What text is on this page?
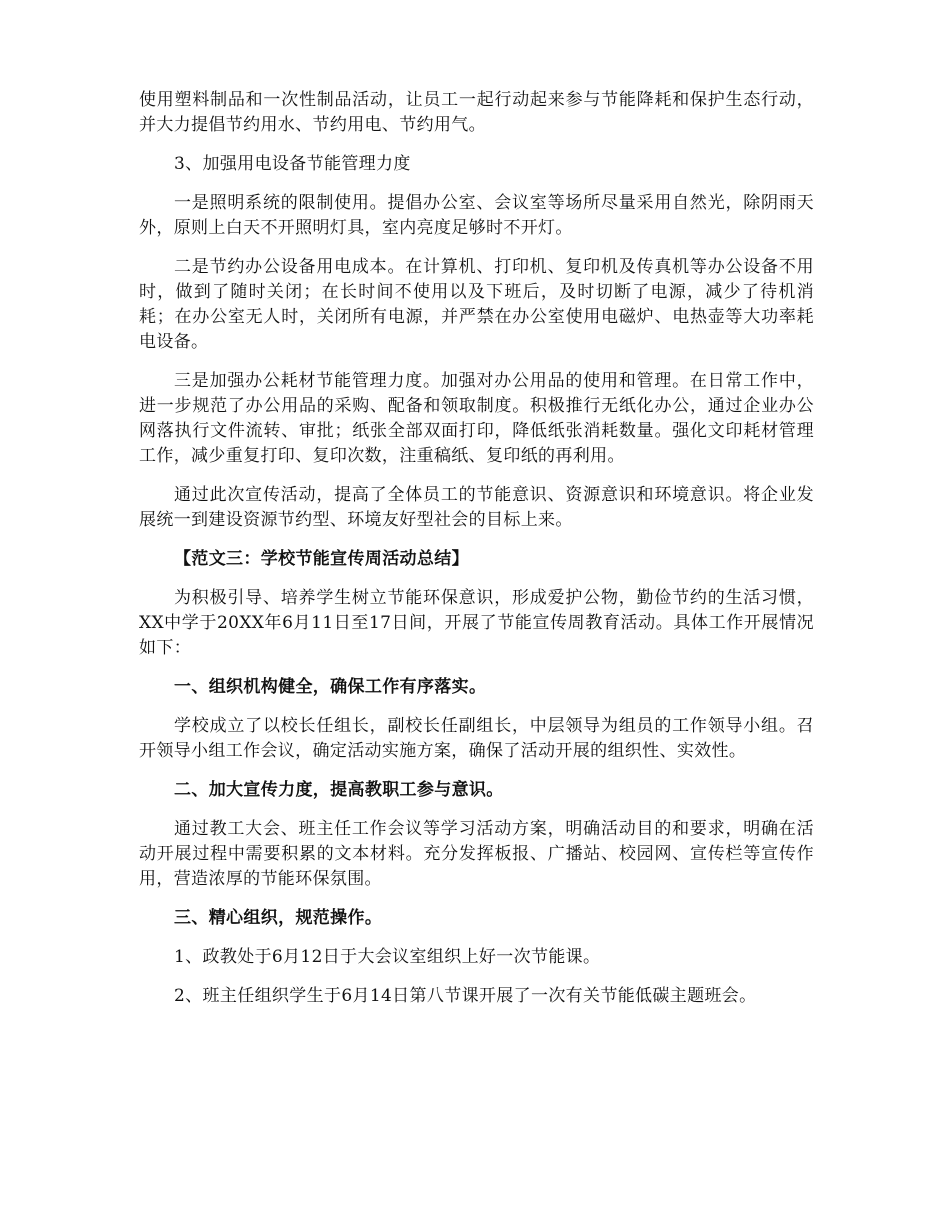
使用塑料制品和一次性制品活动，让员工一起行动起来参与节能降耗和保护生态行动，并大力提倡节约用水、节约用电、节约用气。

3、加强用电设备节能管理力度

一是照明系统的限制使用。提倡办公室、会议室等场所尽量采用自然光，除阴雨天外，原则上白天不开照明灯具，室内亮度足够时不开灯。

二是节约办公设备用电成本。在计算机、打印机、复印机及传真机等办公设备不用时，做到了随时关闭；在长时间不使用以及下班后，及时切断了电源，减少了待机消耗；在办公室无人时，关闭所有电源，并严禁在办公室使用电磁炉、电热壶等大功率耗电设备。

三是加强办公耗材节能管理力度。加强对办公用品的使用和管理。在日常工作中，进一步规范了办公用品的采购、配备和领取制度。积极推行无纸化办公，通过企业办公网落执行文件流转、审批；纸张全部双面打印，降低纸张消耗数量。强化文印耗材管理工作，减少重复打印、复印次数，注重稿纸、复印纸的再利用。

通过此次宣传活动，提高了全体员工的节能意识、资源意识和环境意识。将企业发展统一到建设资源节约型、环境友好型社会的目标上来。

【范文三：学校节能宣传周活动总结】

为积极引导、培养学生树立节能环保意识，形成爱护公物，勤俭节约的生活习惯，XX中学于20XX年6月11日至17日间，开展了节能宣传周教育活动。具体工作开展情况如下：

一、组织机构健全，确保工作有序落实。

学校成立了以校长任组长，副校长任副组长，中层领导为组员的工作领导小组。召开领导小组工作会议，确定活动实施方案，确保了活动开展的组织性、实效性。

二、加大宣传力度，提高教职工参与意识。

通过教工大会、班主任工作会议等学习活动方案，明确活动目的和要求，明确在活动开展过程中需要积累的文本材料。充分发挥板报、广播站、校园网、宣传栏等宣传作用，营造浓厚的节能环保氛围。

三、精心组织，规范操作。

1、政教处于6月12日于大会议室组织上好一次节能课。

2、班主任组织学生于6月14日第八节课开展了一次有关节能低碳主题班会。
